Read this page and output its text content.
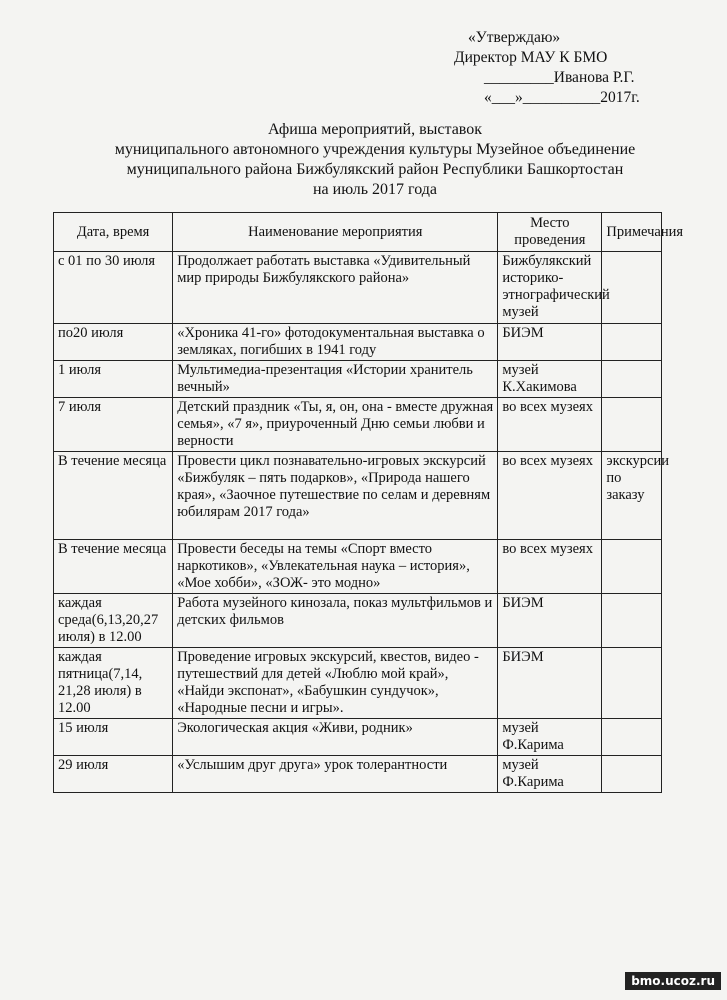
«Утверждаю»
Директор МАУ К БМО
_________Иванова Р.Г.
«___»__________2017г.
Афиша мероприятий, выставок
муниципального автономного учреждения культуры Музейное объединение
муниципального района Бижбулякский район Республики Башкортостан
на июль 2017 года
Дата, время	Наименование мероприятия	Место проведения	Примечания
с 01 по 30 июля	Продолжает работать выставка «Удивительный мир природы Бижбулякского района»	Бижбулякский историко-этнографический музей	
по20 июля	«Хроника 41-го» фотодокументальная выставка о земляках, погибших в 1941 году	БИЭМ	
1 июля	Мультимедиа-презентация «Истории хранитель вечный»	музей К.Хакимова	
7 июля	Детский праздник «Ты, я, он, она - вместе дружная семья», «7 я», приуроченный Дню семьи любви и верности	во всех музеях	
В течение месяца	Провести цикл познавательно-игровых экскурсий «Бижбуляк – пять подарков», «Природа нашего края», «Заочное путешествие по селам и деревням юбилярам 2017 года»	во всех музеях	экскурсии по заказу
В течение месяца	Провести беседы на темы «Спорт вместо наркотиков», «Увлекательная наука – история», «Мое хобби», «ЗОЖ- это модно»	во всех музеях	
каждая среда(6,13,20,27 июля) в 12.00	Работа музейного кинозала, показ мультфильмов и детских фильмов	БИЭМ	
каждая пятница(7,14, 21,28 июля) в 12.00	Проведение игровых экскурсий, квестов, видео - путешествий для детей «Люблю мой край», «Найди экспонат», «Бабушкин сундучок», «Народные песни и игры».	БИЭМ	
15 июля	Экологическая акция «Живи, родник»	музей Ф.Карима	
29 июля	«Услышим друг друга» урок толерантности	музей Ф.Карима	
bmo.ucoz.ru
